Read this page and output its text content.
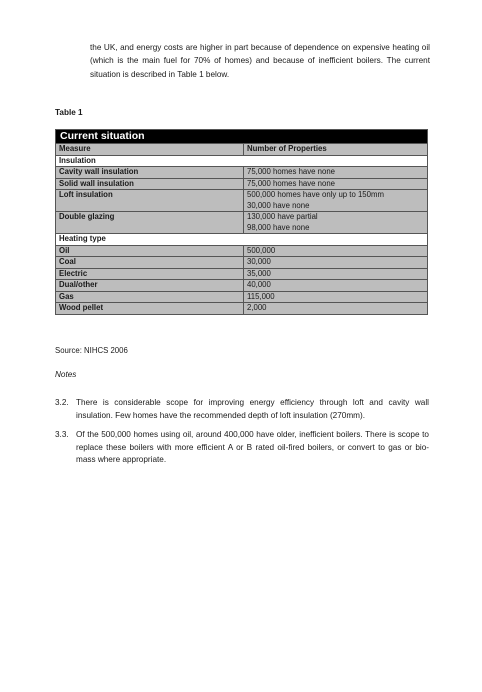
the UK, and energy costs are higher in part because of dependence on expensive heating oil (which is the main fuel for 70% of homes) and because of inefficient boilers. The current situation is described in Table 1 below.

Table 1
Current situation	
Measure	Number of Properties
Insulation	
Cavity wall insulation	75,000 homes have none

Solid wall insulation	75,000 homes have none

Loft insulation	500,000 homes have only up to 150mm
30,000 have none

Double glazing	130,000 have partial
98,000 have none

Heating type	
Oil	500,000

Coal	30,000

Electric	35,000

Dual/other	40,000

Gas	115,000

Wood pellet	2,000
Source: NIHCS 2006
Notes
3.2. There is considerable scope for improving energy efficiency through loft and cavity wall insulation. Few homes have the recommended depth of loft insulation (270mm).
3.3. Of the 500,000 homes using oil, around 400,000 have older, inefficient boilers. There is scope to replace these boilers with more efficient A or B rated oil-fired boilers, or convert to gas or bio-mass where appropriate.
